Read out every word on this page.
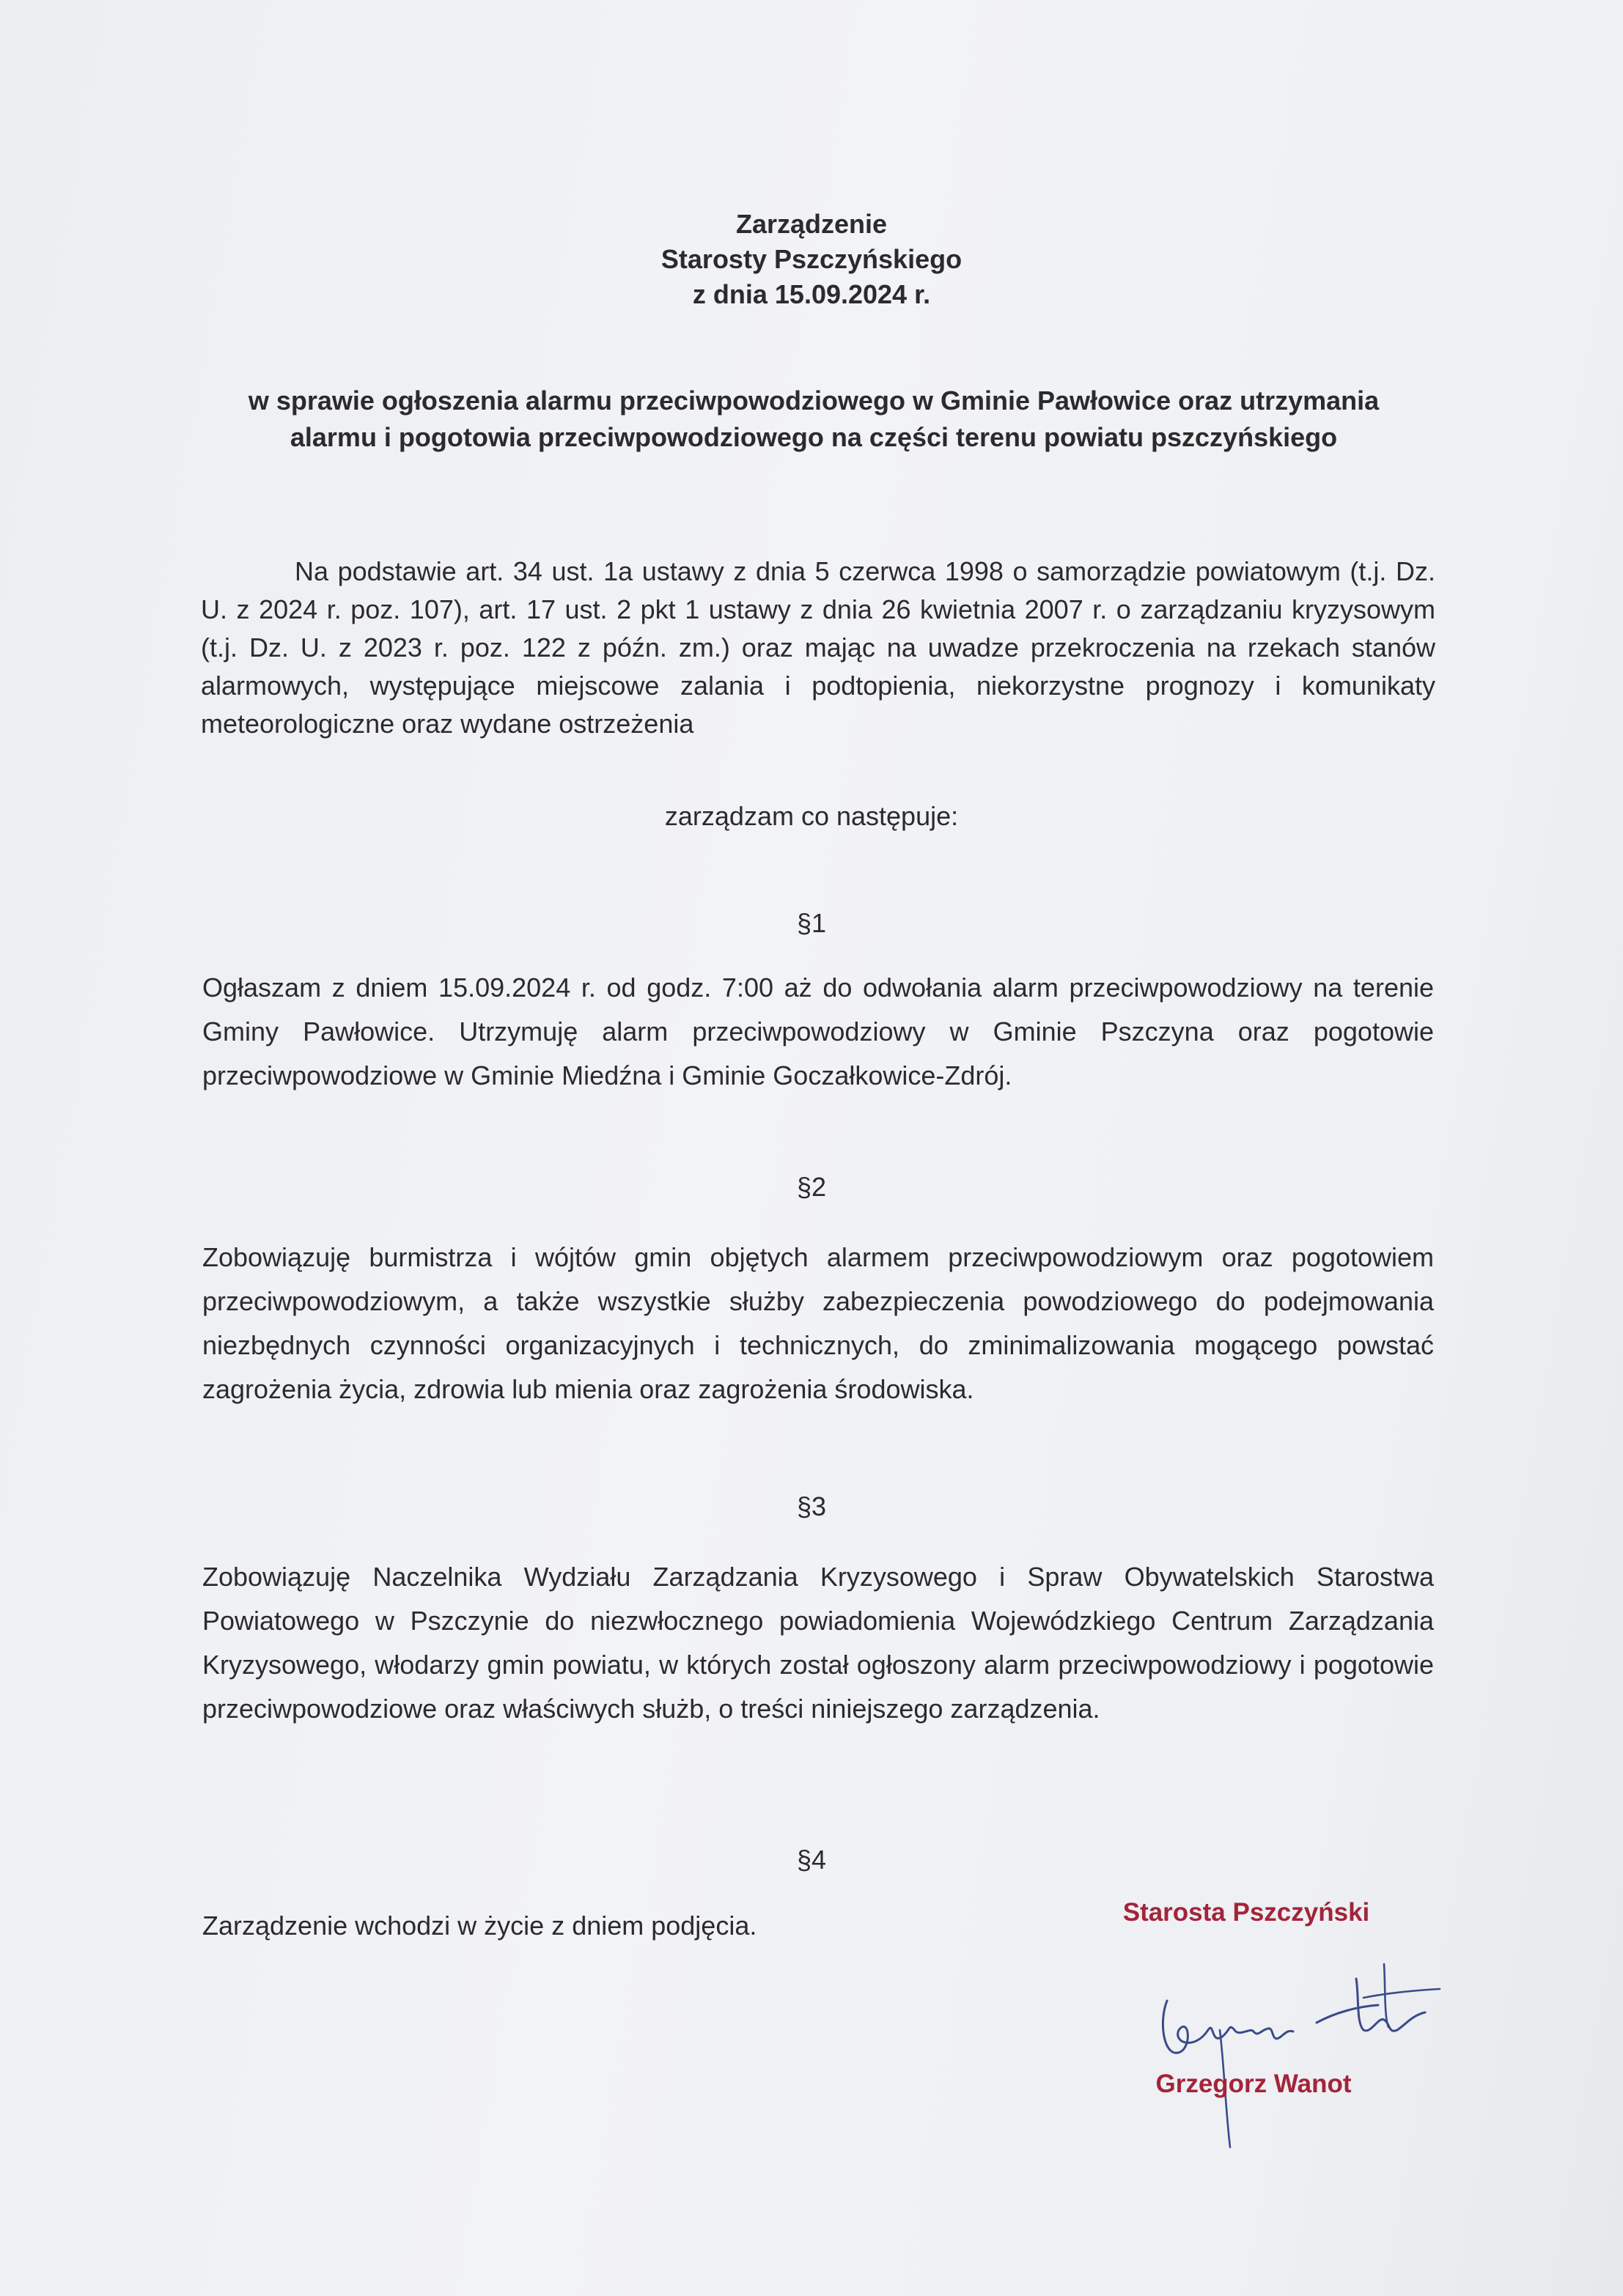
Zarządzenie
Starosty Pszczyńskiego
z dnia 15.09.2024 r.
w sprawie ogłoszenia alarmu przeciwpowodziowego w Gminie Pawłowice oraz utrzymania alarmu i pogotowia przeciwpowodziowego na części terenu powiatu pszczyńskiego
Na podstawie art. 34 ust. 1a ustawy z dnia 5 czerwca 1998 o samorządzie powiatowym (t.j. Dz. U. z 2024 r. poz. 107), art. 17 ust. 2 pkt 1 ustawy z dnia 26 kwietnia 2007 r. o zarządzaniu kryzysowym (t.j. Dz. U. z 2023 r. poz. 122 z późn. zm.) oraz mając na uwadze przekroczenia na rzekach stanów alarmowych, występujące miejscowe zalania i podtopienia, niekorzystne prognozy i komunikaty meteorologiczne oraz wydane ostrzeżenia
zarządzam co następuje:
§1
Ogłaszam z dniem 15.09.2024 r. od godz. 7:00 aż do odwołania alarm przeciwpowodziowy na terenie Gminy Pawłowice. Utrzymuję alarm przeciwpowodziowy w Gminie Pszczyna oraz pogotowie przeciwpowodziowe w Gminie Miedźna i Gminie Goczałkowice-Zdrój.
§2
Zobowiązuję burmistrza i wójtów gmin objętych alarmem przeciwpowodziowym oraz pogotowiem przeciwpowodziowym, a także wszystkie służby zabezpieczenia powodziowego do podejmowania niezbędnych czynności organizacyjnych i technicznych, do zminimalizowania mogącego powstać zagrożenia życia, zdrowia lub mienia oraz zagrożenia środowiska.
§3
Zobowiązuję Naczelnika Wydziału Zarządzania Kryzysowego i Spraw Obywatelskich Starostwa Powiatowego w Pszczynie do niezwłocznego powiadomienia Wojewódzkiego Centrum Zarządzania Kryzysowego, włodarzy gmin powiatu, w których został ogłoszony alarm przeciwpowodziowy i pogotowie przeciwpowodziowe oraz właściwych służb, o treści niniejszego zarządzenia.
§4
Zarządzenie wchodzi w życie z dniem podjęcia.	Starosta Pszczyński
Grzegorz Wanot
